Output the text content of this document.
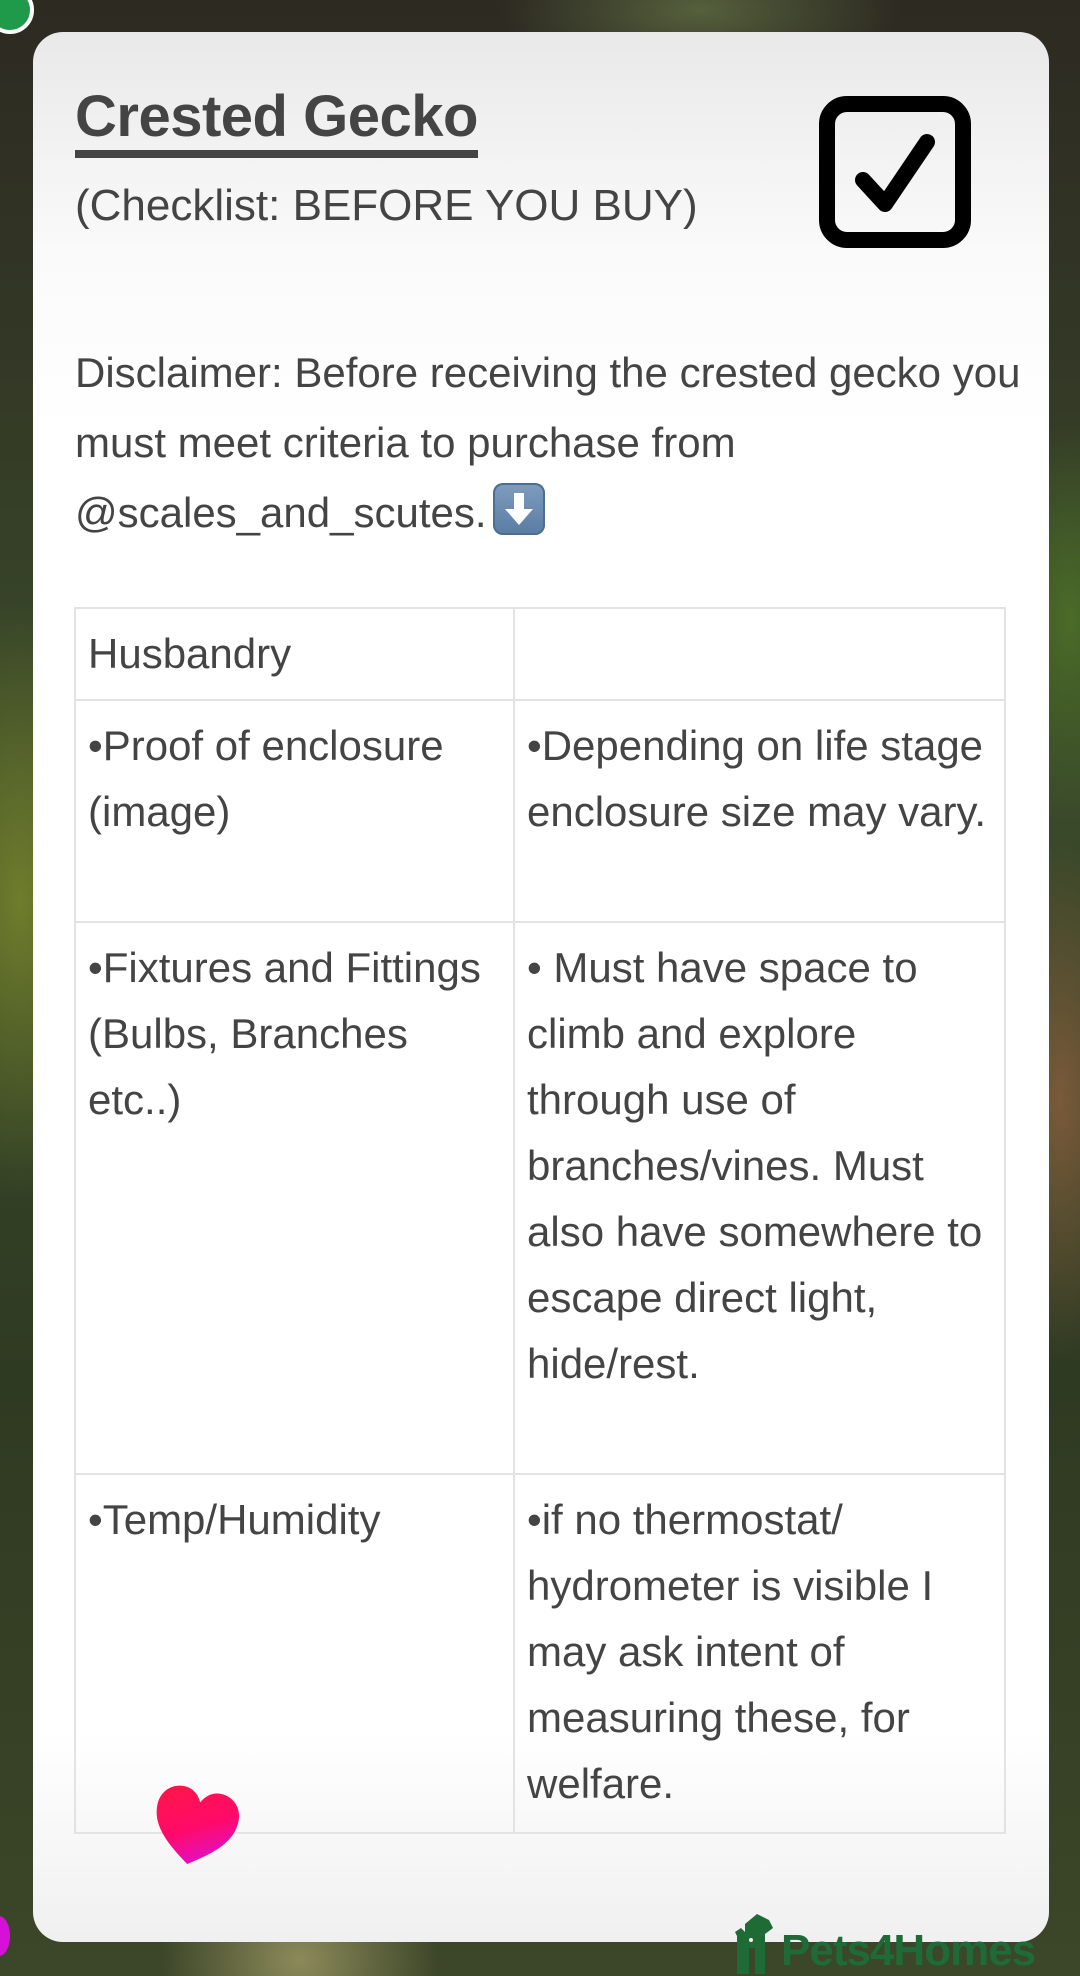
Crested Gecko

(Checklist: BEFORE YOU BUY)

Disclaimer: Before receiving the crested gecko you must meet criteria to purchase from @scales_and_scutes.

Husbandry	
•Proof of enclosure (image)	•Depending on life stage enclosure size may vary.
•Fixtures and Fittings (Bulbs, Branches etc..)	• Must have space to climb and explore through use of branches/vines. Must also have somewhere to escape direct light, hide/rest.
•Temp/Humidity	•if no thermostat/ hydrometer is visible I may ask intent of measuring these, for welfare.
Pets4Homes
